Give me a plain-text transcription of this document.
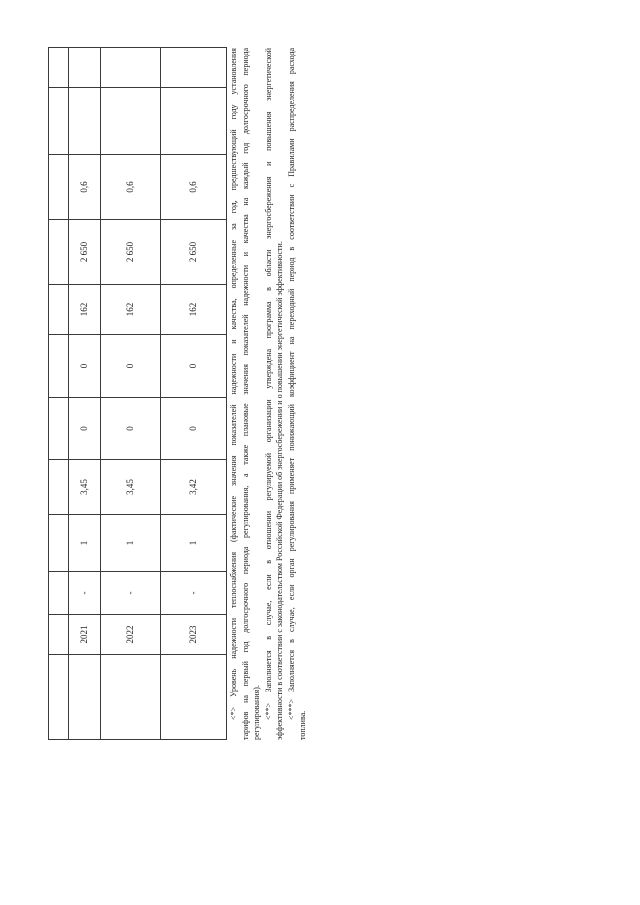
	2021	-	1	3,45	0	0	162	2 650	0,6		
	2022	-	1	3,45	0	0	162	2 650	0,6		
	2023	-	1	3,42	0	0	162	2 650	0,6			<*> Уровень надежности теплоснабжения (фактические значения показателей надежности и качества, определенные за год, предшествующий году установления тарифов на первый год долгосрочного периода регулирования, а также плановые значения показателей надежности и качества на каждый год долгосрочного периода регулирования). <**> Заполняется в случае, если в отношении регулируемой организации утверждена программа в области энергосбережения и повышения энергетической эффективности в соответствии с законодательством Российской Федерации об энергосбережении и о повышении энергетической эффективности. <***> Заполняется в случае, если орган регулирования применяет понижающий коэффициент на переходный период в соответствии с Правилами распределения расхода
топлива.
